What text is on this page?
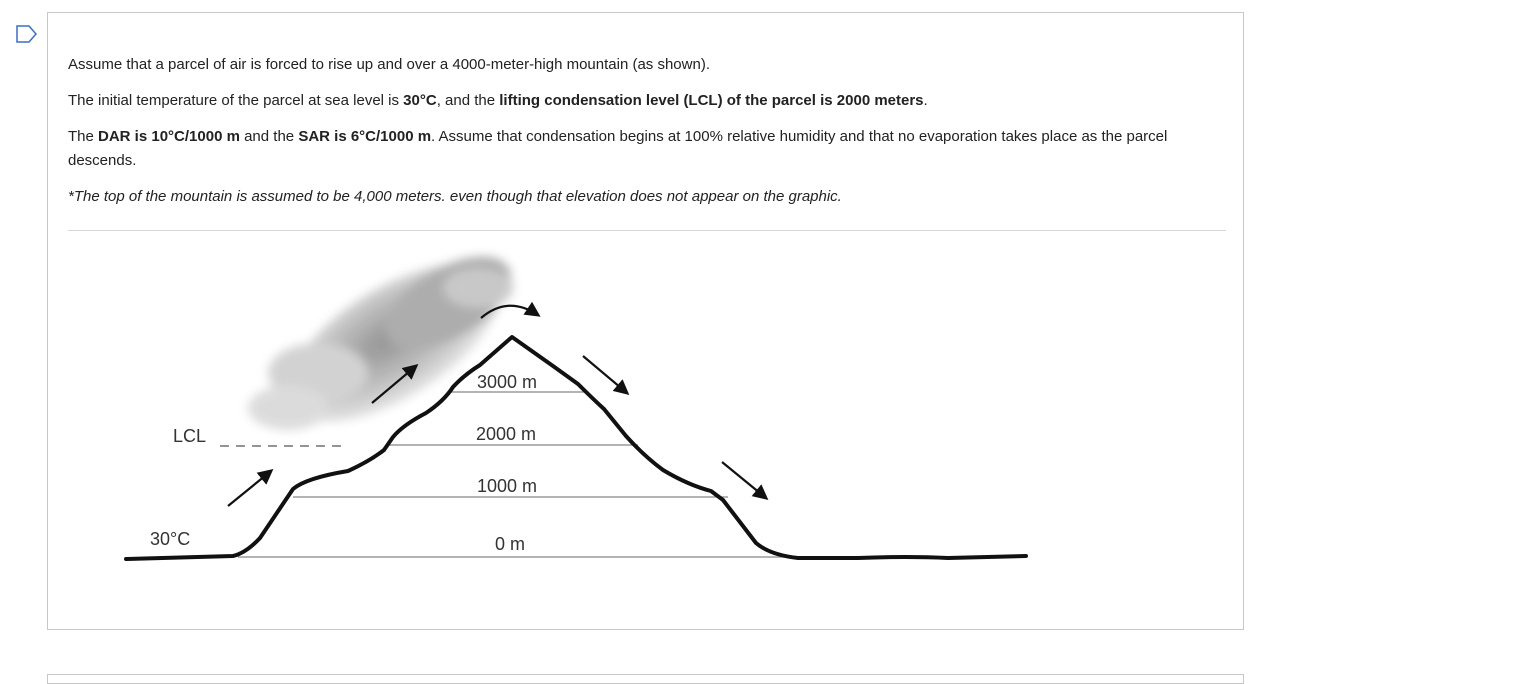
Assume that a parcel of air is forced to rise up and over a 4000-meter-high mountain (as shown).

The initial temperature of the parcel at sea level is 30°C, and the lifting condensation level (LCL) of the parcel is 2000 meters.

The DAR is 10°C/1000 m and the SAR is 6°C/1000 m. Assume that condensation begins at 100% relative humidity and that no evaporation takes place as the parcel descends.

*The top of the mountain is assumed to be 4,000 meters. even though that elevation does not appear on the graphic.

LCL
30°C
3000 m
2000 m
1000 m
0 m
